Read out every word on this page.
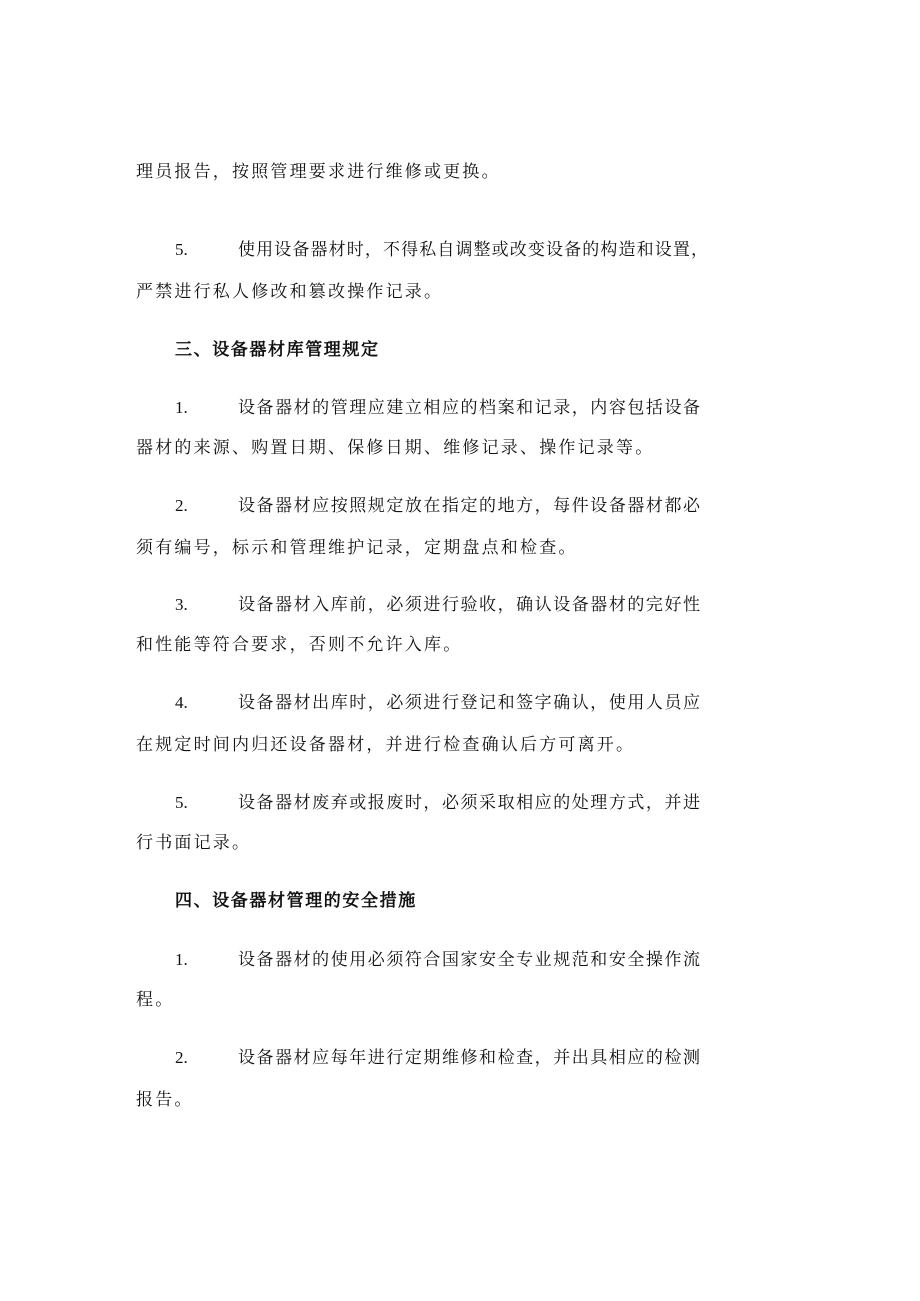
理员报告，按照管理要求进行维修或更换。
5.	使用设备器材时，不得私自调整或改变设备的构造和设置，
严禁进行私人修改和篡改操作记录。
三、设备器材库管理规定
1.	设备器材的管理应建立相应的档案和记录，内容包括设备
器材的来源、购置日期、保修日期、维修记录、操作记录等。
2.	设备器材应按照规定放在指定的地方，每件设备器材都必
须有编号，标示和管理维护记录，定期盘点和检查。
3.	设备器材入库前，必须进行验收，确认设备器材的完好性
和性能等符合要求，否则不允许入库。
4.	设备器材出库时，必须进行登记和签字确认，使用人员应
在规定时间内归还设备器材，并进行检查确认后方可离开。
5.	设备器材废弃或报废时，必须采取相应的处理方式，并进
行书面记录。
四、设备器材管理的安全措施
1.	设备器材的使用必须符合国家安全专业规范和安全操作流
程。
2.	设备器材应每年进行定期维修和检查，并出具相应的检测
报告。
